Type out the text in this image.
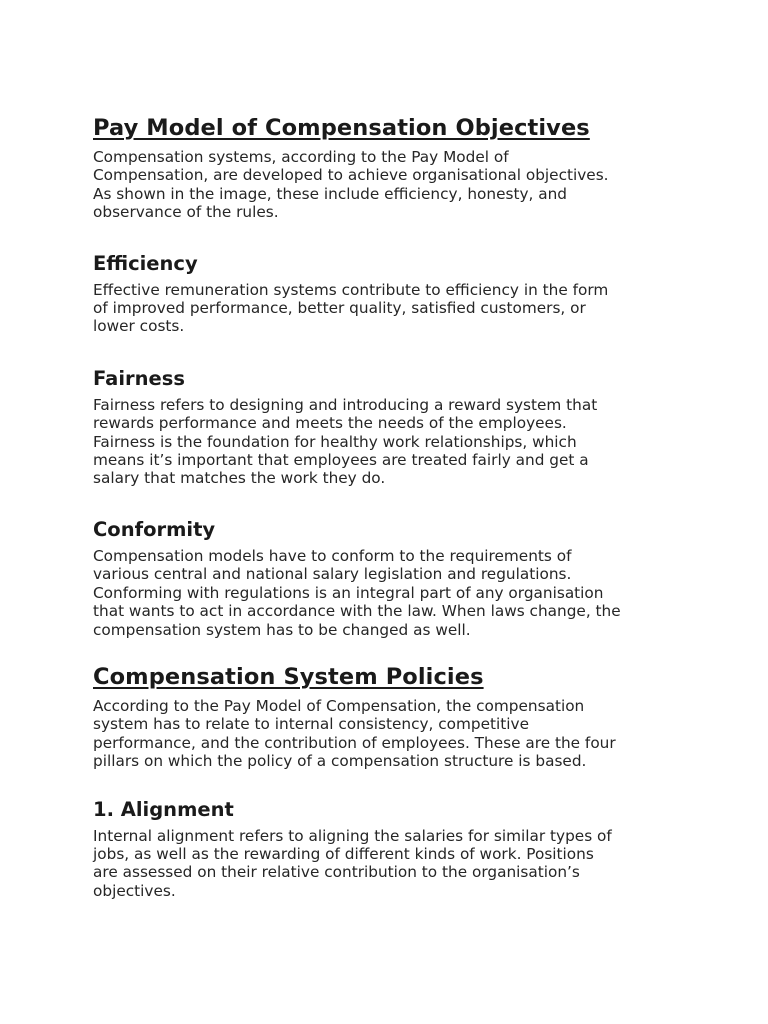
Pay Model of Compensation Objectives

Compensation systems, according to the Pay Model of
Compensation, are developed to achieve organisational objectives.
As shown in the image, these include efficiency, honesty, and
observance of the rules.

Efficiency

Effective remuneration systems contribute to efficiency in the form
of improved performance, better quality, satisfied customers, or
lower costs.

Fairness

Fairness refers to designing and introducing a reward system that
rewards performance and meets the needs of the employees.
Fairness is the foundation for healthy work relationships, which
means it’s important that employees are treated fairly and get a
salary that matches the work they do.

Conformity

Compensation models have to conform to the requirements of
various central and national salary legislation and regulations.
Conforming with regulations is an integral part of any organisation
that wants to act in accordance with the law. When laws change, the
compensation system has to be changed as well.

Compensation System Policies

According to the Pay Model of Compensation, the compensation
system has to relate to internal consistency, competitive
performance, and the contribution of employees. These are the four
pillars on which the policy of a compensation structure is based.

1. Alignment

Internal alignment refers to aligning the salaries for similar types of
jobs, as well as the rewarding of different kinds of work. Positions
are assessed on their relative contribution to the organisation’s
objectives.
